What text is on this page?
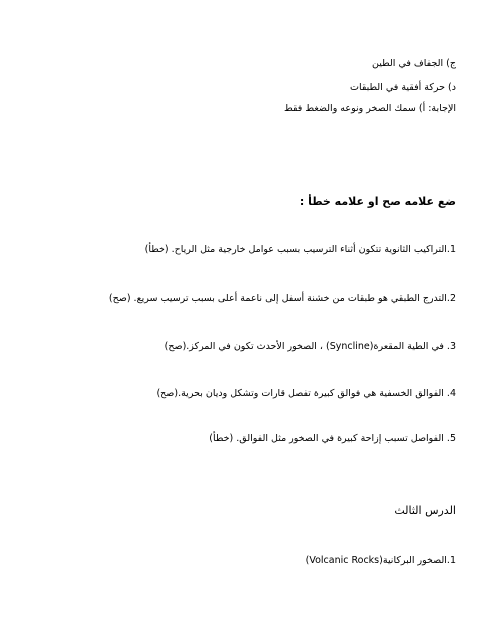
ج) الجفاف في الطين
د) حركة أفقية في الطبقات
الإجابة: أ) سمك الصخر ونوعه والضغط فقط
ضع علامه صح او علامه خطأ :
1.التراكيب الثانوية تتكون أثناء الترسيب بسبب عوامل خارجية مثل الرياح. (خطأ)
2.التدرج الطبقي هو طبقات من خشنة أسفل إلى ناعمة أعلى بسبب ترسيب سريع. (صح)
3. في الطية المقعرة(Syncline) ، الصخور الأحدث تكون في المركز.(صح)
4. الفوالق الخسفية هي فوالق كبيرة تفصل قارات وتشكل وديان بحرية.(صح)
5. الفواصل تسبب إزاحة كبيرة في الصخور مثل الفوالق. (خطأ)
الدرس الثالث
1.الصخور البركانية(Volcanic Rocks)
